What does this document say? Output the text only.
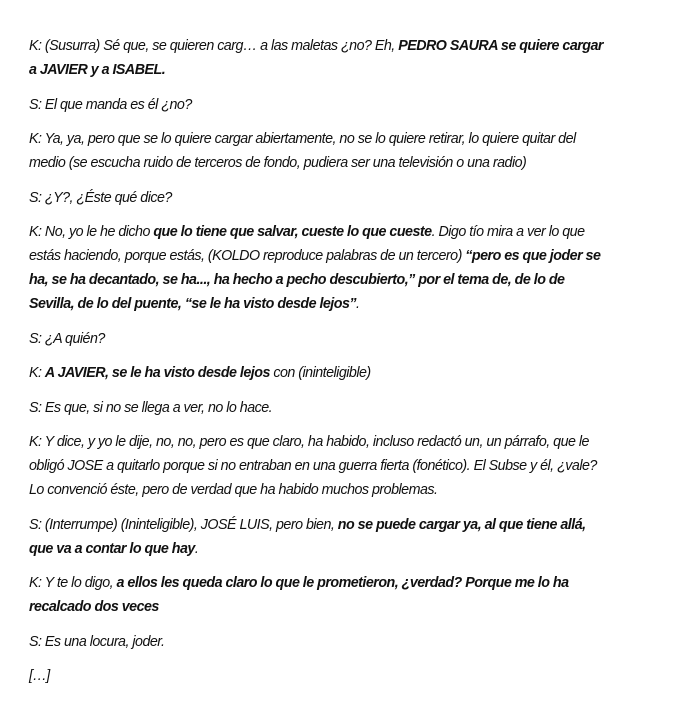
K: (Susurra) Sé que, se quieren carg… a las maletas ¿no? Eh, PEDRO SAURA se quiere cargar a JAVIER y a ISABEL.

S: El que manda es él ¿no?

K: Ya, ya, pero que se lo quiere cargar abiertamente, no se lo quiere retirar, lo quiere quitar del medio (se escucha ruido de terceros de fondo, pudiera ser una televisión o una radio)

S: ¿Y?, ¿Éste qué dice?

K: No, yo le he dicho que lo tiene que salvar, cueste lo que cueste. Digo tío mira a ver lo que estás haciendo, porque estás, (KOLDO reproduce palabras de un tercero) “pero es que joder se ha, se ha decantado, se ha..., ha hecho a pecho descubierto,” por el tema de, de lo de Sevilla, de lo del puente, “se le ha visto desde lejos”.

S: ¿A quién?

K: A JAVIER, se le ha visto desde lejos con (ininteligible)

S: Es que, si no se llega a ver, no lo hace.

K: Y dice, y yo le dije, no, no, pero es que claro, ha habido, incluso redactó un, un párrafo, que le obligó JOSE a quitarlo porque si no entraban en una guerra fierta (fonético). El Subse y él, ¿vale? Lo convenció éste, pero de verdad que ha habido muchos problemas.

S: (Interrumpe) (Ininteligible), JOSÉ LUIS, pero bien, no se puede cargar ya, al que tiene allá, que va a contar lo que hay.

K: Y te lo digo, a ellos les queda claro lo que le prometieron, ¿verdad? Porque me lo ha recalcado dos veces

S: Es una locura, joder.

[…]
